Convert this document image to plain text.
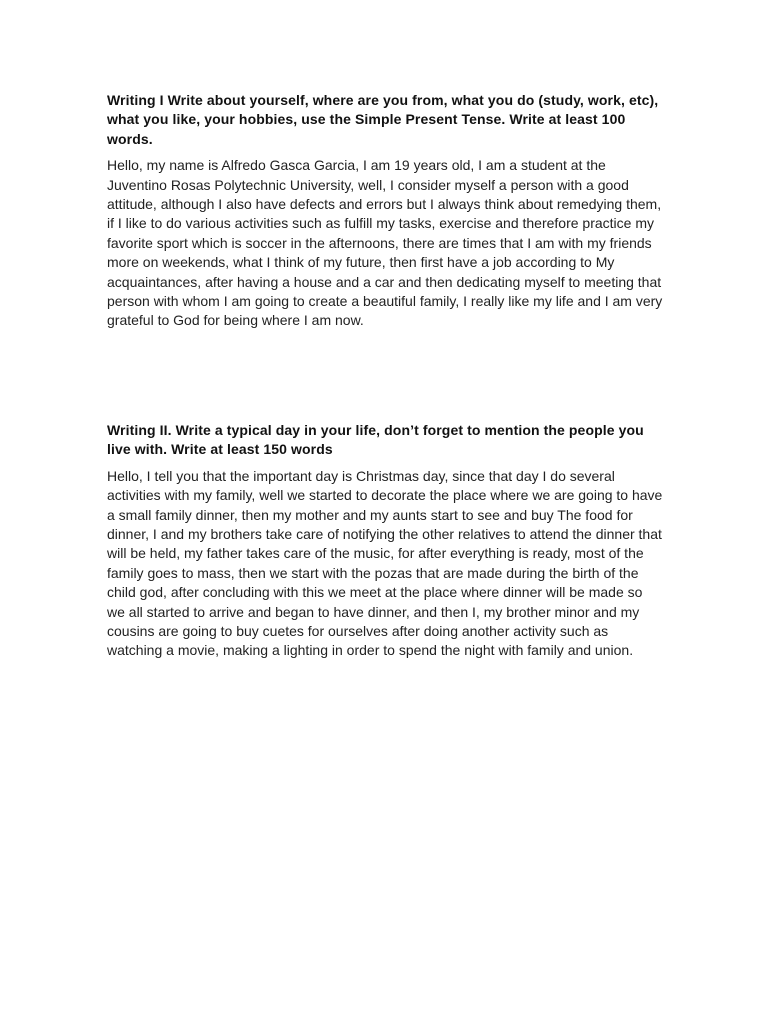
Writing I Write about yourself, where are you from, what you do (study, work, etc), what you like, your hobbies, use the Simple Present Tense. Write at least 100 words.

Hello, my name is Alfredo Gasca Garcia, I am 19 years old, I am a student at the Juventino Rosas Polytechnic University, well, I consider myself a person with a good attitude, although I also have defects and errors but I always think about remedying them, if I like to do various activities such as fulfill my tasks, exercise and therefore practice my favorite sport which is soccer in the afternoons, there are times that I am with my friends more on weekends, what I think of my future, then first have a job according to My acquaintances, after having a house and a car and then dedicating myself to meeting that person with whom I am going to create a beautiful family, I really like my life and I am very grateful to God for being where I am now.

Writing II. Write a typical day in your life, don’t forget to mention the people you live with. Write at least 150 words

Hello, I tell you that the important day is Christmas day, since that day I do several activities with my family, well we started to decorate the place where we are going to have a small family dinner, then my mother and my aunts start to see and buy The food for dinner, I and my brothers take care of notifying the other relatives to attend the dinner that will be held, my father takes care of the music, for after everything is ready, most of the family goes to mass, then we start with the pozas that are made during the birth of the child god, after concluding with this we meet at the place where dinner will be made so we all started to arrive and began to have dinner, and then I, my brother minor and my cousins are going to buy cuetes for ourselves after doing another activity such as watching a movie, making a lighting in order to spend the night with family and union.
